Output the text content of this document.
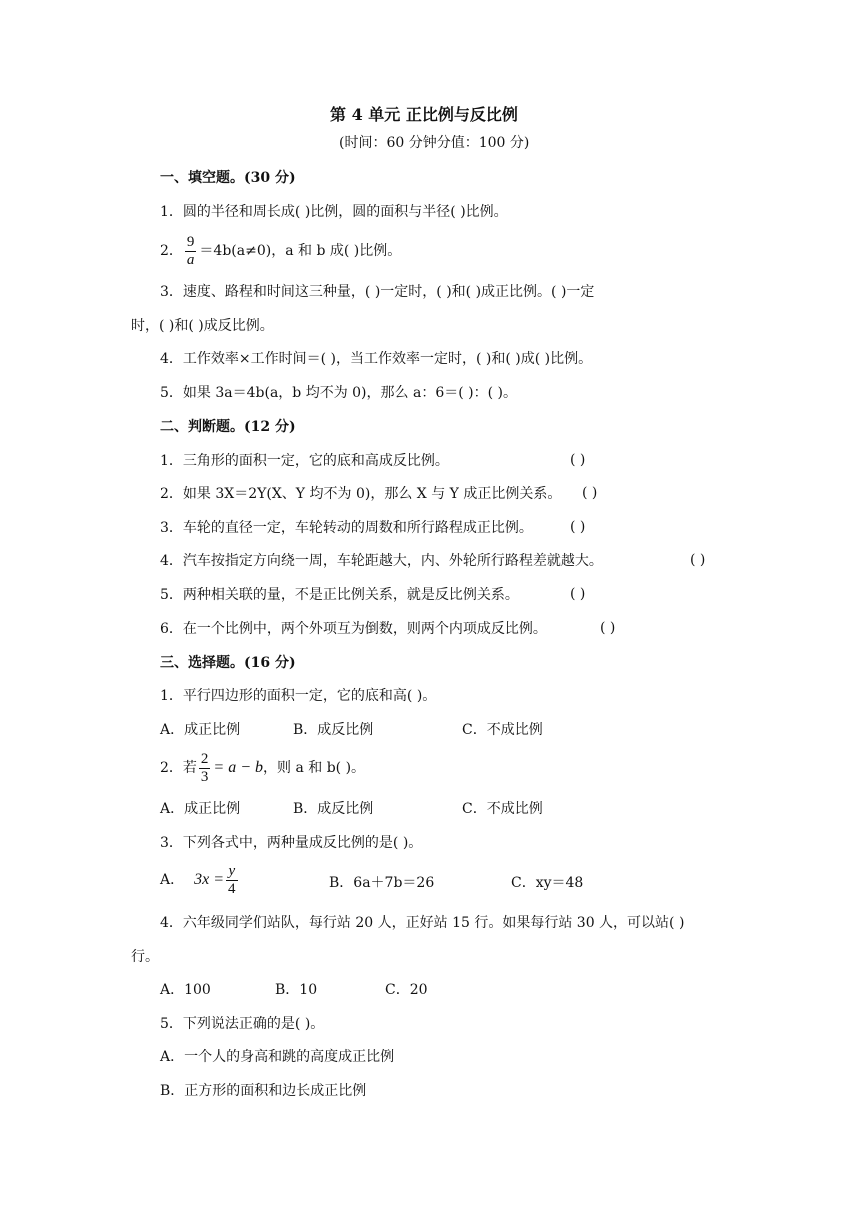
第 4 单元 正比例与反比例
(时间：60 分钟分值：100 分)
一、填空题。(30 分)
1．圆的半径和周长成( )比例，圆的面积与半径( )比例。
2． $\frac{9}{a} =4b(a\ne 0)$，a 和 b 成( )比例。
3．速度、路程和时间这三种量，( )一定时，( )和( )成正比例。( )一定
时，( )和( )成反比例。
4．工作效率×工作时间＝( )，当工作效率一定时，( )和( )成( )比例。
5．如果 3a＝4b(a，b 均不为 0)，那么 a：6＝( )：( )。
二、判断题。(12 分)
1．三角形的面积一定，它的底和高成反比例。	( )
2．如果 3X＝2Y(X、Y 均不为 0)，那么 X 与 Y 成正比例关系。 ( )
3．车轮的直径一定，车轮转动的周数和所行路程成正比例。	( )
4．汽车按指定方向绕一周，车轮距越大，内、外轮所行路程差就越大。	( )
5．两种相关联的量，不是正比例关系，就是反比例关系。	( )
6．在一个比例中，两个外项互为倒数，则两个内项成反比例。	( )
三、选择题。(16 分)
1．平行四边形的面积一定，它的底和高( )。
A．成正比例	B．成反比例	C．不成比例
2．若 $\frac{2}{3} = a - b$，则 a 和 b( )。
A．成正比例	B．成反比例	C．不成比例
3．下列各式中，两种量成反比例的是( )。
A． $3x = \frac{y}{4}$	B．6a＋7b＝26	C．xy＝48
4．六年级同学们站队，每行站 20 人，正好站 15 行。如果每行站 30 人，可以站( )
行。
A．100	B．10	C．20
5．下列说法正确的是( )。
A．一个人的身高和跳的高度成正比例
B．正方形的面积和边长成正比例
